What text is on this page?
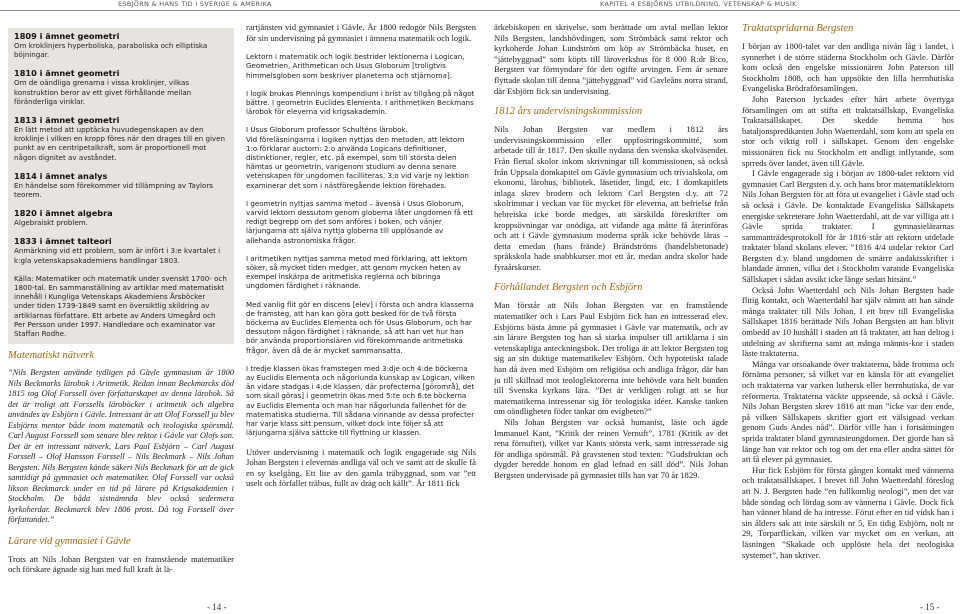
ESBJÖRN & HANS TID I SVERIGE & AMERIKA	KAPITEL 4 ESBJÖRNS UTBILDNING, VETENSKAP & MUSIK
1809 i ämnet geometri
Om kroklinjers hyperboliska, paraboliska och elliptiska böjningar.
1810 i ämnet geometri
Om de oändliga grenarna i vissa kroklinjer, vilkas konstruktion beror av ett givet förhållande mellan föränderliga vinklar.
1813 i ämnet geometri
En lätt metod att upptäcka huvudegenskapen av den kroklinje i vilken en kropp föres när den drages till en given punkt av en centripetalkraft, som är proportionell mot någon dignitet av avståndet.
1814 i ämnet analys
En händelse som förekommer vid tillämpning av Taylors teorem.
1820 i ämnet algebra
Algebraiskt problem.
1833 i ämnet talteori
Anmärkning vid ett problem, som är infört i 3:e kvartalet i k:gla vetenskapsakademiens handlingar 1803.
Källa: Matematiker och matematik under svenskt 1700- och 1800-tal. En sammanställning av artiklar med matematiskt innehåll i Kungliga Vetenskaps Akademiens Årsböcker under tiden 1739-1849 samt en översiktlig skildring av artiklarnas författare. Ett arbete av Anders Umegård och Per Persson under 1997. Handledare och examinator var Staffan Rodhe.
Matematiskt nätverk
”Nils Bergsten använde tydligen på Gävle gymnasium år 1800 Nils Beckmarks lärobok i Aritmetik. Redan innan Beckmarcks död 1815 tog Olof Forssell över författarskapet av denna lärobok. Så det är troligt att Forssells läroböcker i aritmetik och algebra användes av Esbjörn i Gävle. Intressant är att Olof Forssell ju blev Esbjörns mentor både inom matematik och teologiska spörsmål. Carl August Forssell som senare blev rektor i Gävle var Olofs son. Det är ett intressant nätverk, Lars Paul Esbjörn – Carl August Forssell – Olof Hansson Forssell – Nils Beckmark – Nils Johan Bergsten. Nils Bergsten kände säkert Nils Beckmark för att de gick samtidigt på gymnasiet och matematiker. Olof Forssell var också likson Beckmarck under en tid på lärare på Krigsakademien i Stockholm. De båda sistnämnda blev också sedermera kyrkoherdar. Beckmarck blev 1806 prost. Då tog Forssell över författandet.”
Lärare vid gymnasiet i Gävle
Trots att Nils Johan Bergsten var en framstående matematiker och förskare ägnade sig han med full kraft åt lä-
rartjänsten vid gymnasiet i Gävle. År 1800 redogör Nils Bergsten för sin undervisning på gymnasiet i ämnena matematik och logik.
Lektorn i matematik och logik bestrider lektionerna i Logican, Geometrien, Arithmetican och Usus Globorum [troligtvis himmelsgloben som beskriver planeterna och stjärnorna].
I logik brukas Plennings kompendium i brist av tillgång på något bättre. I geometrin Euclides Elementa. I arithmetiken Beckmans lärobok för eleverna vid krigsakademin.
I Usus Globorum professor Schulténs lärobok.
Vid föreläsningarna i logiken nyttjas den metoden, att lektorn 1:o förklarar auctorn: 2:o använda Logicans definitioner, distinktioner, regler, etc. på exempel, som till största delen hämtas ur geometrin, varigenom studium av denna senare vetenskapen för ungdomen facilliteras, 3:o vid varje ny lektion examinerar det som i nästföregående lektion förehades.
I geometrin nyttjas samma metod – ävensä i Usus Globorum, varvid lektorn dessutom genom globerna låter ungdomen få ett redigt begrepp om det som anföres i boken, och vänjer lärjungarna att själva nyttja globerna till upplösande av allehanda astronomiska frågor.
I aritmetiken nyttjas samma metod med förklaring, att lektorn söker, så mycket tiden medger, att genom mycken heten av exempel inskärpa de aritmetiska reglerna och bibringa ungdomen färdighet i räknande.
Med vanlig flit gör en discens [elev] i första och andra klasserna de framsteg, att han kan göra gott besked för de två första böckerna av Euclides Elementa och för Usus Globorum, och har dessutom någon färdighet i räknande, så att han vet hur han bör använda proportionslären vid förekommande aritmetiska frågor, även då de är mycket sammansatta.
I tredje klassen ökas framstegen med 3:dje och 4:de böckerna av Euclidis Elementa och någorlunda kunskap av Logican, vilken än vidare stadgas i 4:de klassen, där profecterna [görområ], det som skall göras] i geometrin ökas med 5:te och 6:te böckerna av Euclidis Elementa och man har någorlunda fallenhet för de matematiska studierna. Till sådana vinnande av dessa profecter har varje klass sitt pensum, vilket dock inte följer så att lärjungarna själva sättcke till flyttning ur klassen.
Utöver undervisning i matematik och logik engagerade sig Nils Johan Bergsten i elevernas andliga väl och ve samt att de skulle få en sy kselgång. Ett lite av den gamla träbyggnad, som var ”ett uselt och förfallet träbus, fullt av drag och källt”. År 1811 fick
ärkebiskopen en skrivelse, som berättade om avtal mellan lektor Nils Bergsten, landshövdingen, som Strömbäck samt rektor och kyrkoherde Johan Lundström om köp av Strömbäcka huset, en ”jättebyggnad” som köpts till läroverkshus för 8 000 R:dr B:co, Bergsten var förmyndare för den ogifte arvingen. Fem år senare flyttade skolan till denna ”jättebyggnad” vid Gavleåns norra strand, där Esbjörn fick sin undervisning.
1812 års undervisningskommission
Nils Johan Bergsten var medlem i 1812 års undervisningskommission eller uppfostringskommitté, som arbetade till år 1817. Den skulle nydana den svenska skolväsendet. Från flertal skolor inkom skrivningar till kommissionen, så också från Uppsala domkapitel om Gävle gymnasium och trivialskola, om ekonomi, lärohus, bibliotek, läsetider, lingd, etc. I domkapitlets inlaga skrev brodern och lektorn Carl Bergsten d.y. att 72 skolrimmar i veckan var för mycket för eleverna, att befrielse från hebreiska icke borde medges, att särskilda föreskrifter om kroppsövningar var onödiga, att vidande aga måtte få återinföras och att i Gävle gymnasium moderna språk icke behövde läras – detta emedan (hans frände) Brändströms (handelsbetonade) språkskola hade snabbkurser mot ett år, medan andra skolor hade fyraårskurser.
Förhållandet Bergsten och Esbjörn
Man förstår att Nils Johan Bergsten var en framstående matematiker och i Lars Paul Esbjörn fick han en intresserad elev. Esbjörns bästa ämne på gymnasiet i Gävle var matematik, och av sin lärare Bergsten tog han så starka impulser till artiklarna i sin vetenskapliga anteckningsbok. Det troliga är att lektor Bergsten tog sig an sin duktige matematikelev Esbjörn. Och hypotetiskt talade han då även med Esbjörn om religiösa och andliga frågor, där han ju till skillnad mot teologlektorerna inte behövde vara helt bunden till Svenska kyrkans lära. ”Det är verkligen roligt att se hur matematikerna intressenar sig för teologiska idéer. Kanske tanken om oändligheten föder tankar om evigheten?”
Nils Johan Bergsten var också humanist, läste och ägde Immanuel Kant, ”Kritik der reinen Vernuft”, 1781 (Kritik av det rena förnuftet), vilket var Kants största verk, samt intresserade sig för andliga spörsmål. På gravstenen stod texten: ”Gudsfruktan och dygder beredde honom en glad lefnad en säll död”. Nils Johan Bergsten undervisade på gymnasiet tills han var 70 år 1829.
Traktatspridarna Bergsten
I början av 1800-talet var den andliga nivån låg i landet, i synnerhet i de större städerna Stockholm och Gävle. Därför kom också den engelske missionären John Paterson till Stockholm 1808, och han uppsökte den lilla herrnhutiska Evangeliska Brödraförsamlingen.
John Paterson lyckades efter hårt arbete övertyga församlingen om att stifta ett traktatsällskap, Evangeliska Traktatsällskapet. Det skedde hemma hos bataljonspredikanten John Waetterdahl, som kom att spela en stor och viktig roll i sällskapet. Genom den engelske missionären fick nu Stockholm ett andligt inflytande, som sprreds över landet, även till Gävle.
I Gävle engagerade sig i början av 1800-talet rektorn vid gymnasiet Carl Bergsten d.y. och hans bror matematiklektorn Nils Johan Bergsten för att föra ut evangeliet i Gävle stad och så också i Gävle. De kontaktade Evangeliska Sällskapets energiske sekreterare John Waetterdahl, att de var villiga att i Gävle sprida traktater. I gymnasielärarnas sammanträdesprotokoll för år 1816 står att rektorn utdelade traktater bland skolans elever. ”1816 4/4 utdelar rektor Carl Bergsten d.y. bland ungdomen de smärre andaktsskrifter i blandade ämnen, vilka det i Stockholm varande Evangeliska Sällskapet i sådan avsikt icke länge sedan hitsänt.”
Också John Waetterdahl och Nils Johan Bergsten hade flitig kontakt, och Waetterdahl har själv nämnt att han sände många traktater till Nils Johan. I ett brev till Evangeliska Sällskapet 1816 berättade Nils Johan Bergsten att han blivit ombedd av 10 hushåll i staden att få traktater, att han deltog i utdelning av skrifterna samt att många männis-kor i staden läste traktaterna.
Många var orsoakande över traktaterna, både fromma och förnäma personer, så vilket var en känsla för att evangeliet och traktaterna var varken luthersk eller herrnhutiska, de var reformerta. Traktaterna väckte uppseende, så också i Gävle. Nils Johan Bergsten skrev 1816 att man ”icke var den ende, på vilken Sällskapets skrifter gjort ett välsignad verkan genom Guds Andes nåd”. Därför ville han i fortsättningen sprida traktater bland gymnasieungdomen. Det gjorde han så länge han var rektor och tog om det ena eller andra sättet för att få elever på gymnasiet.
Hur fick Esbjörn för första gången kontakt med vännerna och traktatsällskapet. I brevet till John Waetterdahl föreslog att N. J. Bergsten hade ”en fullkomlig neologi”, men det var både söndag och lördag som av vännerna i Gävle. Dock fick han vänner bland de ha intresse. Förut efter en tid vidsk han i sin ålders sak att inte särskilt nr 5, En tidig Esbjörn, nolt nr 29, Torparflickan, vilken var mycket om en verkan, att läsningen ”Skakade och upplöste hela det neologiska systemet”, han skriver.
- 14 -	- 15 -
